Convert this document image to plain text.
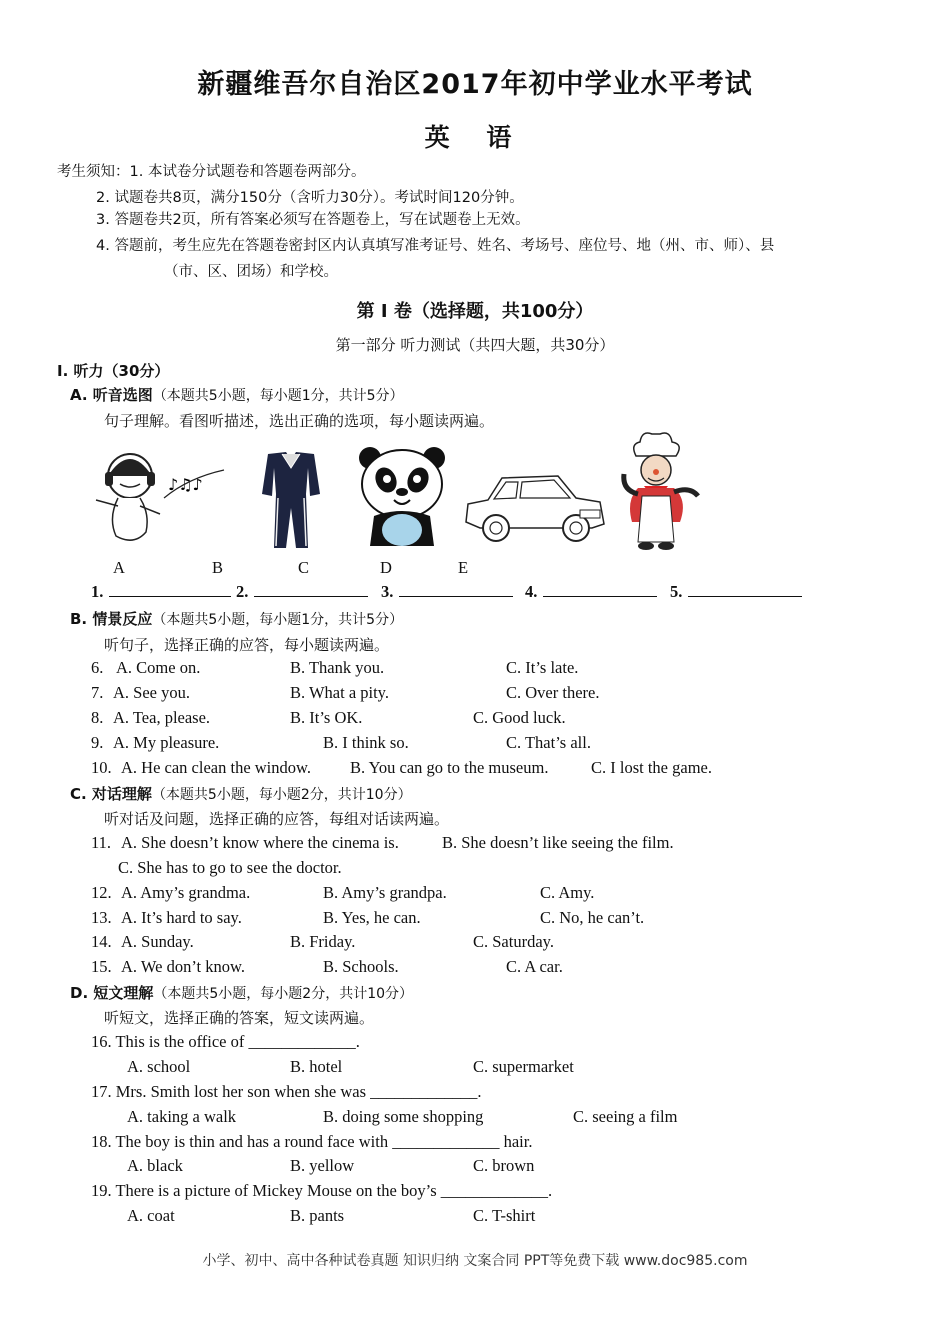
新疆维吾尔自治区2017年初中学业水平考试
英 语
考生须知：1. 本试卷分试题卷和答题卷两部分。
2. 试题卷共8页，满分150分（含听力30分）。考试时间120分钟。
3. 答题卷共2页，所有答案必须写在答题卷上，写在试题卷上无效。
4. 答题前，考生应先在答题卷密封区内认真填写准考证号、姓名、考场号、座位号、地（州、市、师）、县
（市、区、团场）和学校。
第 I 卷（选择题，共100分）
第一部分 听力测试（共四大题，共30分）
I. 听力（30分）
A. 听音选图（本题共5小题，每小题1分，共计5分）
句子理解。看图听描述，选出正确的选项，每小题读两遍。
♪♫♪
A	B	C	D	E
1.	2.	3.	4.	5.
B. 情景反应（本题共5小题，每小题1分，共计5分）
听句子，选择正确的应答，每小题读两遍。
6. A. Come on.	B. Thank you.	C. It’s late.
7. A. See you.	B. What a pity.	C. Over there.
8. A. Tea, please.	B. It’s OK.	C. Good luck.
9. A. My pleasure.	B. I think so.	C. That’s all.
10. A. He can clean the window. B. You can go to the museum.	C. I lost the game.
C. 对话理解（本题共5小题，每小题2分，共计10分）
听对话及问题，选择正确的应答，每组对话读两遍。
11. A. She doesn’t know where the cinema is.	B. She doesn’t like seeing the film.
C. She has to go to see the doctor.
12. A. Amy’s grandma.	B. Amy’s grandpa.	C. Amy.
13. A. It’s hard to say.	B. Yes, he can.	C. No, he can’t.
14. A. Sunday.	B. Friday.	C. Saturday.
15. A. We don’t know.	B. Schools.	C. A car.
D. 短文理解（本题共5小题，每小题2分，共计10分）
听短文，选择正确的答案，短文读两遍。
16. This is the office of _____________.
A. school	B. hotel	C. supermarket
17. Mrs. Smith lost her son when she was _____________.
A. taking a walk	B. doing some shopping	C. seeing a film
18. The boy is thin and has a round face with _____________ hair.
A. black	B. yellow	C. brown
19. There is a picture of Mickey Mouse on the boy’s _____________.
A. coat	B. pants	C. T-shirt
小学、初中、高中各种试卷真题 知识归纳 文案合同 PPT等免费下载 www.doc985.com
